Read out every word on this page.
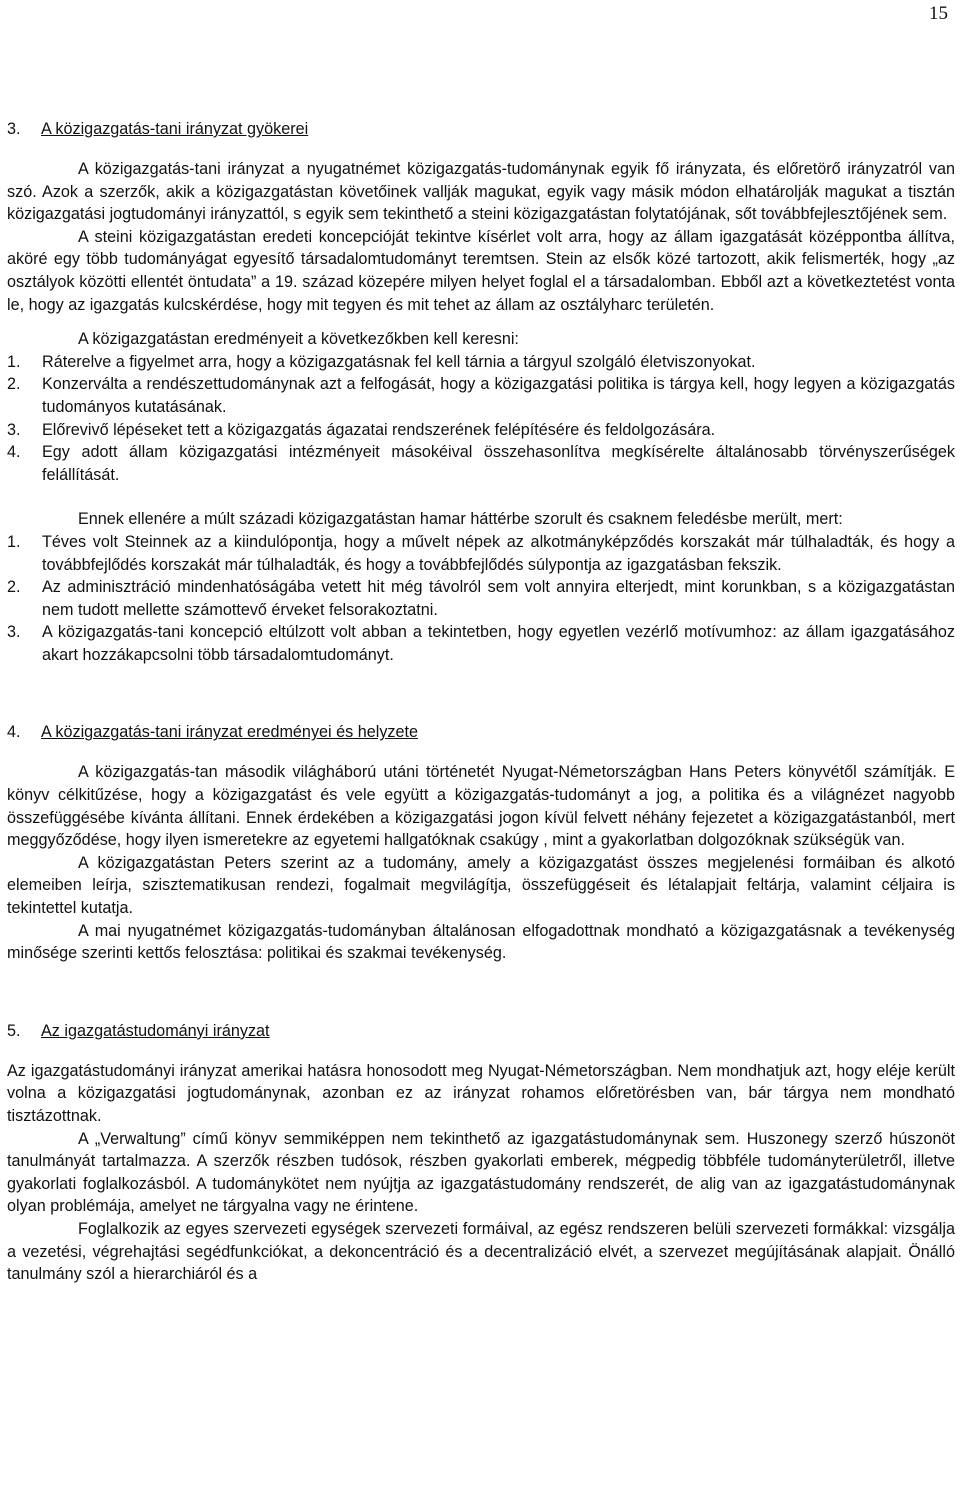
15
3.	A közigazgatás-tani irányzat gyökerei

A közigazgatás-tani irányzat a nyugatnémet közigazgatás-tudománynak egyik fő irányzata, és előretörő irányzatról van szó. Azok a szerzők, akik a közigazgatástan követőinek vallják magukat, egyik vagy másik módon elhatárolják magukat a tisztán közigazgatási jogtudományi irányzattól, s egyik sem tekinthető a steini közigazgatástan folytatójának, sőt továbbfejlesztőjének sem.

A steini közigazgatástan eredeti koncepcióját tekintve kísérlet volt arra, hogy az állam igazgatását középpontba állítva, aköré egy több tudományágat egyesítő társadalomtudományt teremtsen. Stein az elsők közé tartozott, akik felismerték, hogy „az osztályok közötti ellentét öntudata” a 19. század közepére milyen helyet foglal el a társadalomban. Ebből azt a következtetést vonta le, hogy az igazgatás kulcskérdése, hogy mit tegyen és mit tehet az állam az osztályharc területén.

A közigazgatástan eredményeit a következőkben kell keresni:

1.	Ráterelve a figyelmet arra, hogy a közigazgatásnak fel kell tárnia a tárgyul szolgáló életviszonyokat.
2.	Konzerválta a rendészettudománynak azt a felfogását, hogy a közigazgatási politika is tárgya kell, hogy legyen a közigazgatás tudományos kutatásának.
3.	Előrevivő lépéseket tett a közigazgatás ágazatai rendszerének felépítésére és feldolgozására.
4.	Egy adott állam közigazgatási intézményeit másokéival összehasonlítva megkísérelte általánosabb törvényszerűségek felállítását.

Ennek ellenére a múlt századi közigazgatástan hamar háttérbe szorult és csaknem feledésbe merült, mert:

1.	Téves volt Steinnek az a kiindulópontja, hogy a művelt népek az alkotmányképződés korszakát már túlhaladták, és hogy a továbbfejlődés korszakát már túlhaladták, és hogy a továbbfejlődés súlypontja az igazgatásban fekszik.
2.	Az adminisztráció mindenhatóságába vetett hit még távolról sem volt annyira elterjedt, mint korunkban, s a közigazgatástan nem tudott mellette számottevő érveket felsorakoztatni.
3.	A közigazgatás-tani koncepció eltúlzott volt abban a tekintetben, hogy egyetlen vezérlő motívumhoz: az állam igazgatásához akart hozzákapcsolni több társadalomtudományt.
4.	A közigazgatás-tani irányzat eredményei és helyzete

A közigazgatás-tan második világháború utáni történetét Nyugat-Németországban Hans Peters könyvétől számítják. E könyv célkitűzése, hogy a közigazgatást és vele együtt a közigazgatás-tudományt a jog, a politika és a világnézet nagyobb összefüggésébe kívánta állítani. Ennek érdekében a közigazgatási jogon kívül felvett néhány fejezetet a közigazgatástanból, mert meggyőződése, hogy ilyen ismeretekre az egyetemi hallgatóknak csakúgy , mint a gyakorlatban dolgozóknak szükségük van.

A közigazgatástan Peters szerint az a tudomány, amely a közigazgatást összes megjelenési formáiban és alkotó elemeiben leírja, szisztematikusan rendezi, fogalmait megvilágítja, összefüggéseit és létalapjait feltárja, valamint céljaira is tekintettel kutatja.

A mai nyugatnémet közigazgatás-tudományban általánosan elfogadottnak mondható a közigazgatásnak a tevékenység minősége szerinti kettős felosztása: politikai és szakmai tevékenység.

5.	Az igazgatástudományi irányzat

Az igazgatástudományi irányzat amerikai hatásra honosodott meg Nyugat-Németországban. Nem mondhatjuk azt, hogy eléje került volna a közigazgatási jogtudománynak, azonban ez az irányzat rohamos előretörésben van, bár tárgya nem mondható tisztázottnak.

A „Verwaltung” című könyv semmiképpen nem tekinthető az igazgatástudománynak sem. Huszonegy szerző húszonöt tanulmányát tartalmazza. A szerzők részben tudósok, részben gyakorlati emberek, mégpedig többféle tudományterületről, illetve gyakorlati foglalkozásból. A tudománykötet nem nyújtja az igazgatástudomány rendszerét, de alig van az igazgatástudománynak olyan problémája, amelyet ne tárgyalna vagy ne érintene.

Foglalkozik az egyes szervezeti egységek szervezeti formáival, az egész rendszeren belüli szervezeti formákkal: vizsgálja a vezetési, végrehajtási segédfunkciókat, a dekoncentráció és a decentralizáció elvét, a szervezet megújításának alapjait. Önálló tanulmány szól a hierarchiáról és a
